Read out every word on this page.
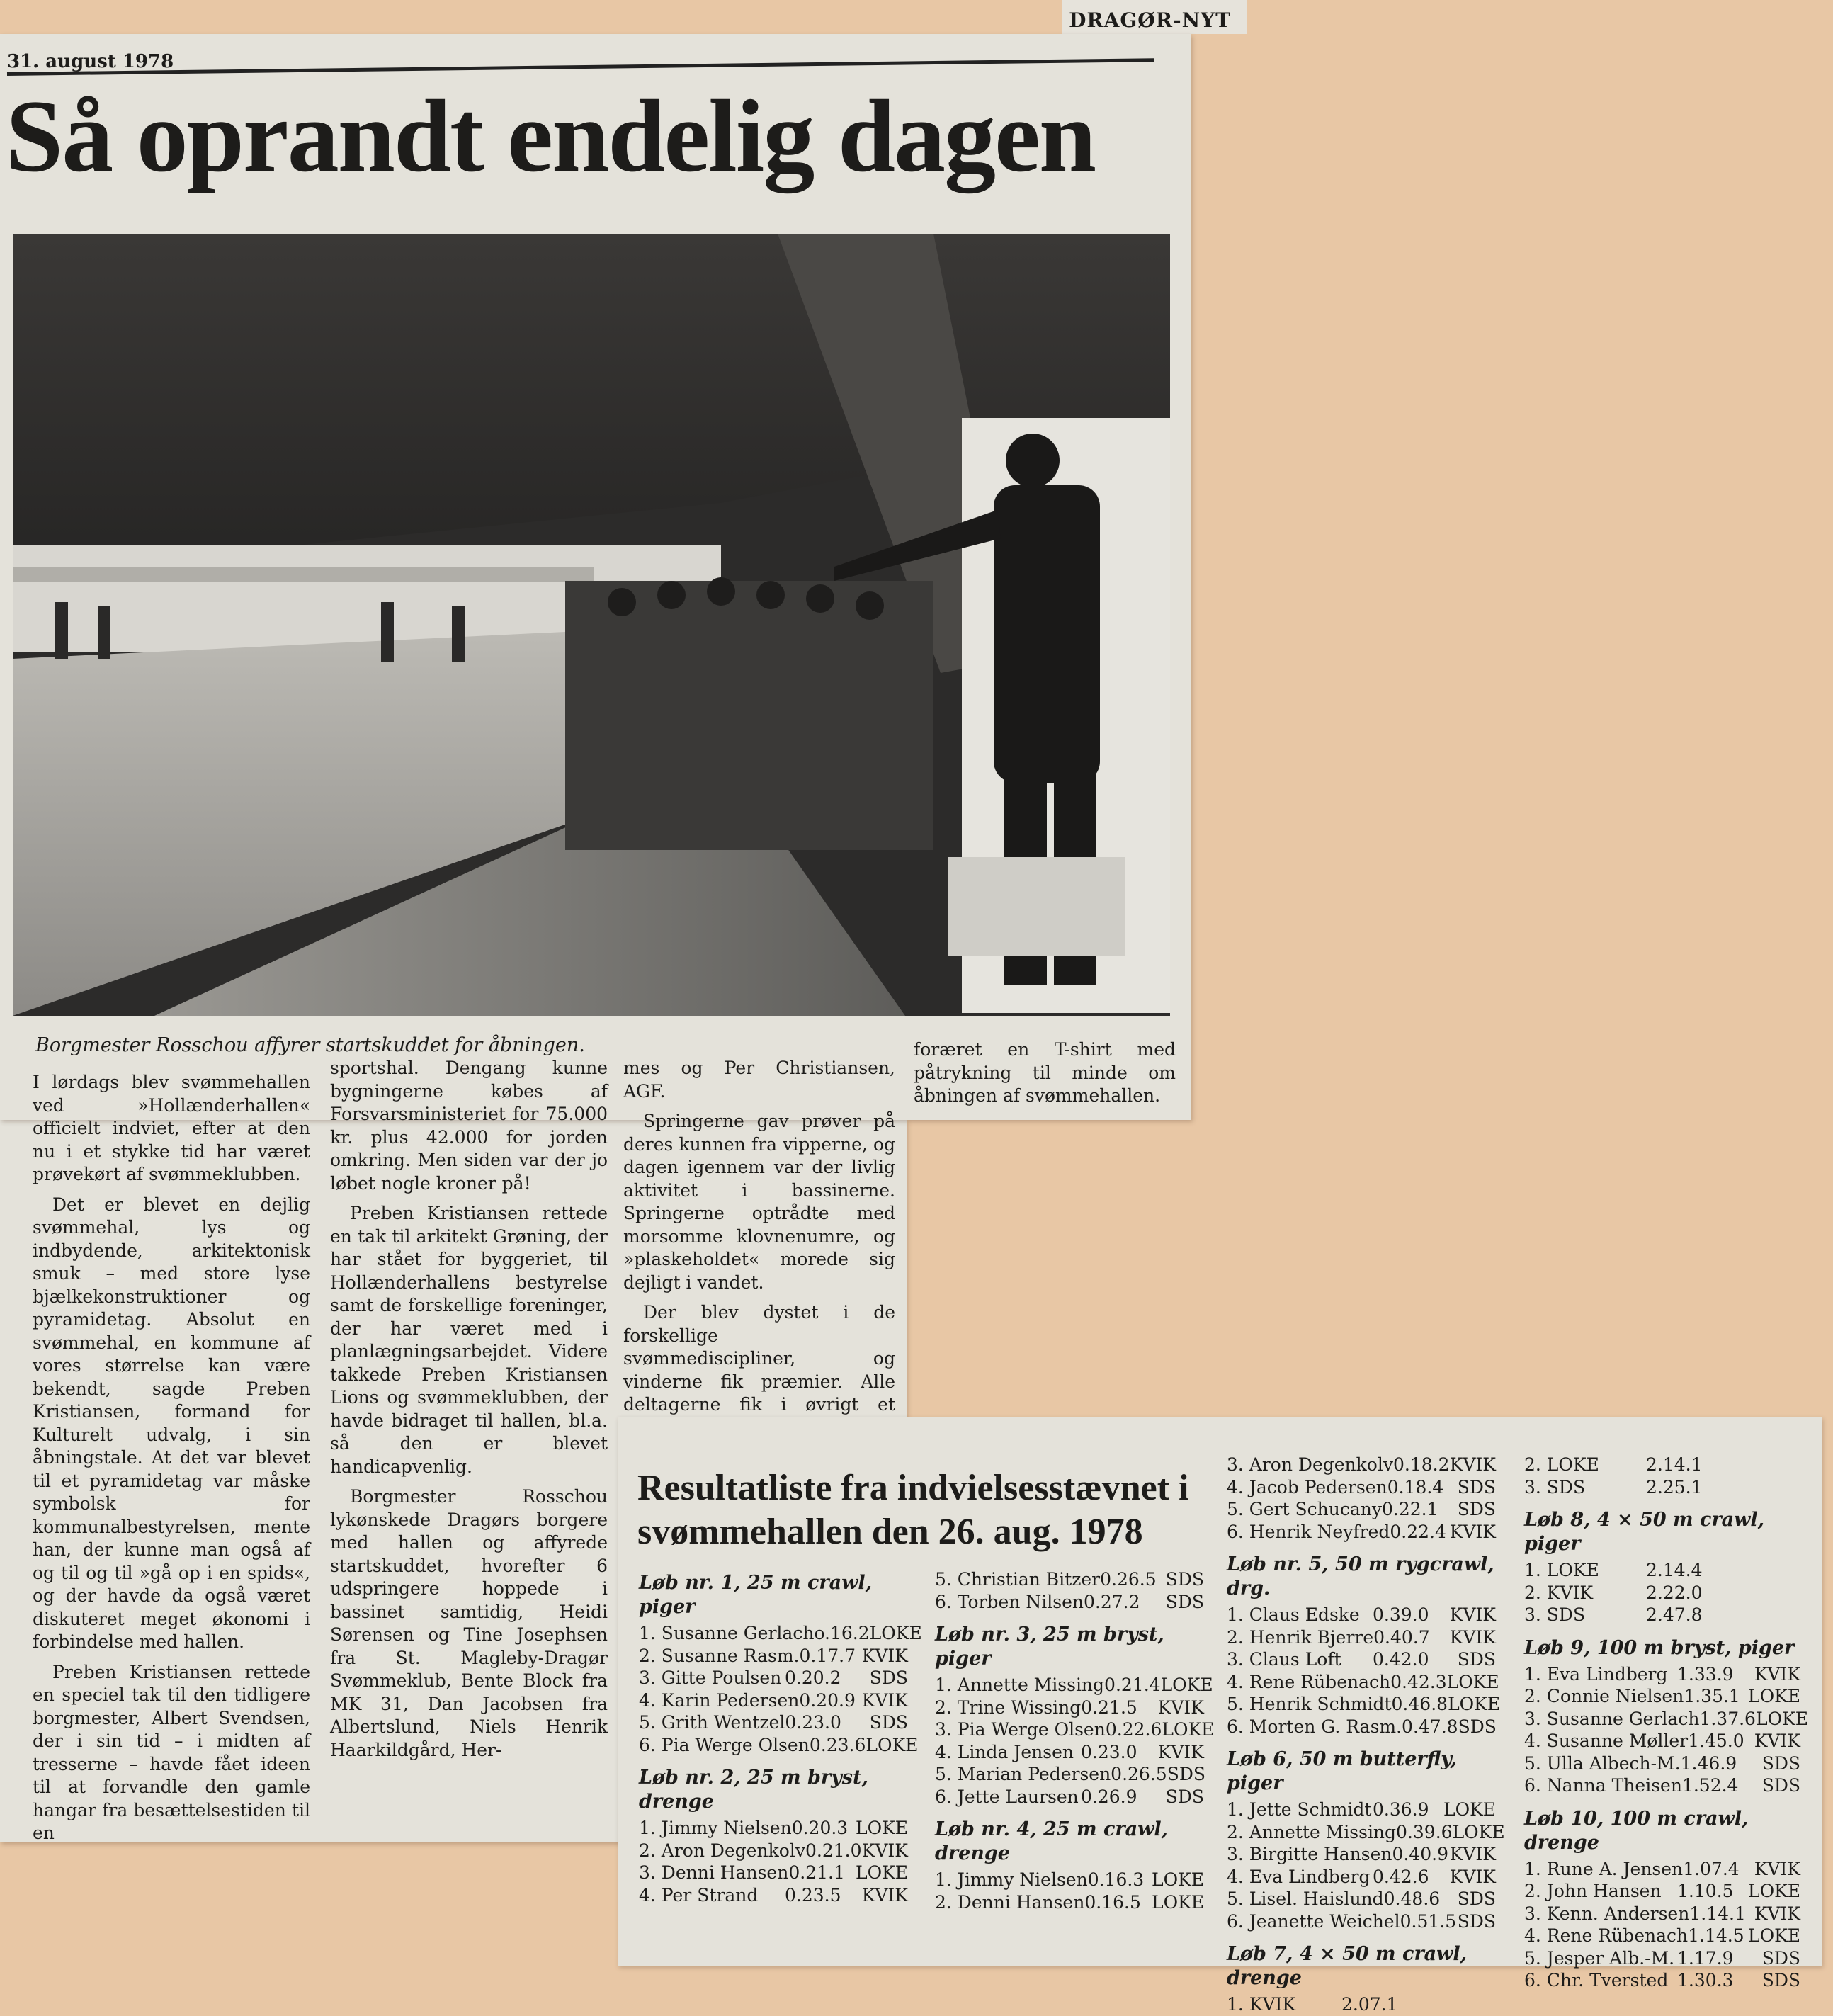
DRAGØR-NYT
31. august 1978
Så oprandt endelig dagen
Borgmester Rosschou affyrer startskuddet for åbningen.

I lørdags blev svømmehallen ved »Hollænderhallen« officielt indviet, efter at den nu i et stykke tid har været prøvekørt af svømmeklubben.

Det er blevet en dejlig svømmehal, lys og indbydende, arkitektonisk smuk – med store lyse bjælkekonstruktioner og pyramidetag. Absolut en svømmehal, en kommune af vores størrelse kan være bekendt, sagde Preben Kristiansen, formand for Kulturelt udvalg, i sin åbningstale. At det var blevet til et pyramidetag var måske symbolsk for kommunalbestyrelsen, mente han, der kunne man også af og til og til »gå op i en spids«, og der havde da også været diskuteret meget økonomi i forbindelse med hallen.

Preben Kristiansen rettede en speciel tak til den tidligere borgmester, Albert Svendsen, der i sin tid – i midten af tresserne – havde fået ideen til at forvandle den gamle hangar fra besættelsestiden til en

sportshal. Dengang kunne bygningerne købes af Forsvarsministeriet for 75.000 kr. plus 42.000 for jorden omkring. Men siden var der jo løbet nogle kroner på!

Preben Kristiansen rettede en tak til arkitekt Grøning, der har stået for byggeriet, til Hollænderhallens bestyrelse samt de forskellige foreninger, der har været med i planlægningsarbejdet. Videre takkede Preben Kristiansen Lions og svømmeklubben, der havde bidraget til hallen, bl.a. så den er blevet handicapvenlig.

Borgmester Rosschou lykønskede Dragørs borgere med hallen og affyrede startskuddet, hvorefter 6 udspringere hoppede i bassinet samtidig, Heidi Sørensen og Tine Josephsen fra St. Magleby-Dragør Svømmeklub, Bente Block fra MK 31, Dan Jacobsen fra Albertslund, Niels Henrik Haarkildgård, Her-

mes og Per Christiansen, AGF.

Springerne gav prøver på deres kunnen fra vipperne, og dagen igennem var der livlig aktivitet i bassinerne. Springerne optrådte med morsomme klovnenumre, og »plaskeholdet« morede sig dejligt i vandet.

Der blev dystet i de forskellige svømmediscipliner, og vinderne fik præmier. Alle deltagerne fik i øvrigt et

foræret en T-shirt med påtrykning til minde om åbningen af svømmehallen.

Resultatliste fra indvielsesstævnet i svømmehallen den 26. aug. 1978
Løb nr. 1, 25 m crawl, piger
1. Susanne Gerlach o.16.2 LOKE
2. Susanne Rasm. 0.17.7 KVIK
3. Gitte Poulsen 0.20.2	SDS
4. Karin Pedersen 0.20.9 KVIK
5. Grith Wentzel 0.23.0	SDS
6. Pia Werge Olsen 0.23.6 LOKE
Løb nr. 2, 25 m bryst, drenge
1. Jimmy Nielsen 0.20.3 LOKE
2. Aron Degenkolv 0.21.0 KVIK
3. Denni Hansen 0.21.1 LOKE
4. Per Strand	0.23.5	KVIK
5. Christian Bitzer 0.26.5 SDS
6. Torben Nilsen 0.27.2	SDS
Løb nr. 3, 25 m bryst, piger
1. Annette Missing 0.21.4 LOKE
2. Trine Wissing 0.21.5	KVIK
3. Pia Werge Olsen 0.22.6 LOKE
4. Linda Jensen 0.23.0	KVIK
5. Marian Pedersen 0.26.5 SDS
6. Jette Laursen 0.26.9	SDS
Løb nr. 4, 25 m crawl, drenge
1. Jimmy Nielsen 0.16.3 LOKE
2. Denni Hansen 0.16.5 LOKE
3. Aron Degenkolv 0.18.2 KVIK
4. Jacob Pedersen 0.18.4 SDS
5. Gert Schucany 0.22.1	SDS
6. Henrik Neyfred 0.22.4 KVIK
Løb nr. 5, 50 m rygcrawl, drg.
1. Claus Edske 0.39.0	KVIK
2. Henrik Bjerre 0.40.7	KVIK
3. Claus Loft	0.42.0	SDS
4. Rene Rübenach 0.42.3 LOKE
5. Henrik Schmidt 0.46.8 LOKE
6. Morten G. Rasm. 0.47.8 SDS
Løb 6, 50 m butterfly, piger
1. Jette Schmidt 0.36.9 LOKE
2. Annette Missing 0.39.6 LOKE
3. Birgitte Hansen 0.40.9 KVIK
4. Eva Lindberg 0.42.6	KVIK
5. Lisel. Haislund 0.48.6 SDS
6. Jeanette Weichel 0.51.5 SDS
Løb 7, 4 × 50 m crawl, drenge
1. KVIK	2.07.1
2. LOKE	2.14.1
3. SDS	2.25.1
Løb 8, 4 × 50 m crawl, piger
1. LOKE	2.14.4
2. KVIK	2.22.0
3. SDS	2.47.8
Løb 9, 100 m bryst, piger
1. Eva Lindberg 1.33.9	KVIK
2. Connie Nielsen 1.35.1 LOKE
3. Susanne Gerlach 1.37.6 LOKE
4. Susanne Møller 1.45.0 KVIK
5. Ulla Albech-M. 1.46.9	SDS
6. Nanna Theisen 1.52.4	SDS
Løb 10, 100 m crawl, drenge
1. Rune A. Jensen 1.07.4 KVIK
2. John Hansen 1.10.5 LOKE
3. Kenn. Andersen 1.14.1 KVIK
4. Rene Rübenach 1.14.5 LOKE
5. Jesper Alb.-M. 1.17.9	SDS
6. Chr. Tversted 1.30.3	SDS
